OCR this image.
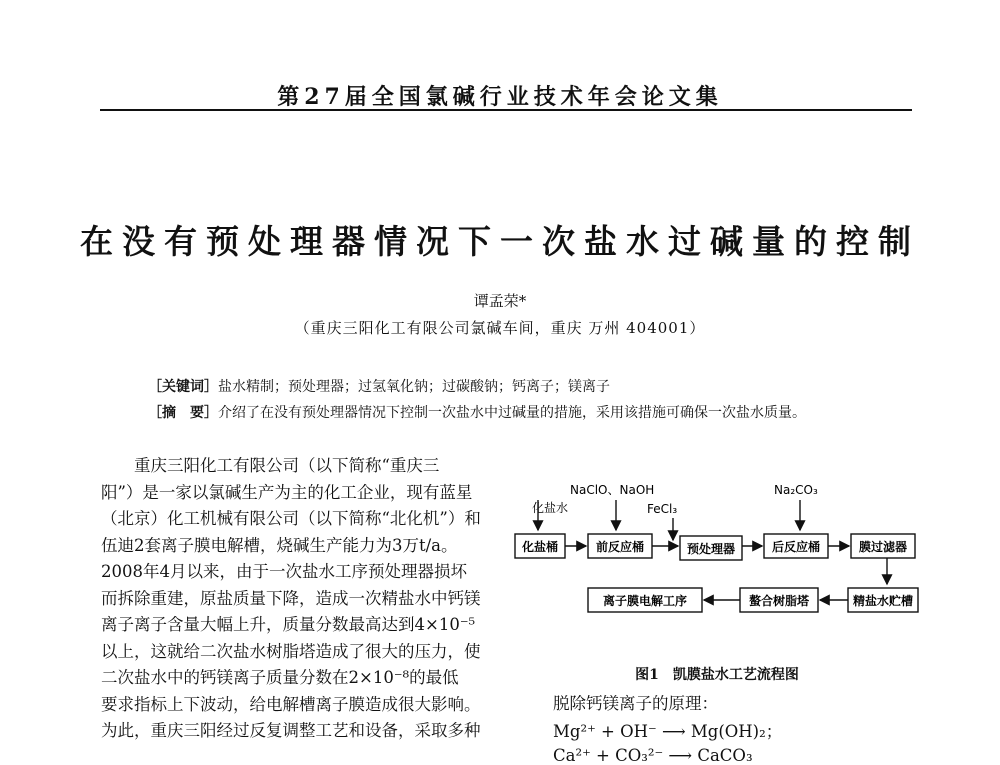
第27届全国氯碱行业技术年会论文集
在没有预处理器情况下一次盐水过碱量的控制
谭孟荣*
（重庆三阳化工有限公司氯碱车间，重庆 万州 404001）
［关键词］盐水精制；预处理器；过氢氧化钠；过碳酸钠；钙离子；镁离子
［摘　要］介绍了在没有预处理器情况下控制一次盐水中过碱量的措施，采用该措施可确保一次盐水质量。

　　重庆三阳化工有限公司（以下简称“重庆三
阳”）是一家以氯碱生产为主的化工企业，现有蓝星
（北京）化工机械有限公司（以下简称“北化机”）和
伍迪2套离子膜电解槽，烧碱生产能力为3万t/a。
2008年4月以来，由于一次盐水工序预处理器损坏
而拆除重建，原盐质量下降，造成一次精盐水中钙镁
离子离子含量大幅上升，质量分数最高达到4×10⁻⁵
以上，这就给二次盐水树脂塔造成了很大的压力，使
二次盐水中的钙镁离子质量分数在2×10⁻⁸的最低
要求指标上下波动，给电解槽离子膜造成很大影响。
为此，重庆三阳经过反复调整工艺和设备，采取多种

化盐水
NaClO、NaOH
FeCl₃
Na₂CO₃
化盐桶	前反应桶	预处理器	后反应桶	膜过滤器
精盐水贮槽
螯合树脂塔
离子膜电解工序
图1　凯膜盐水工艺流程图
脱除钙镁离子的原理：
Mg²⁺ + OH⁻ ⟶ Mg(OH)₂；
Ca²⁺ + CO₃²⁻ ⟶ CaCO₃
